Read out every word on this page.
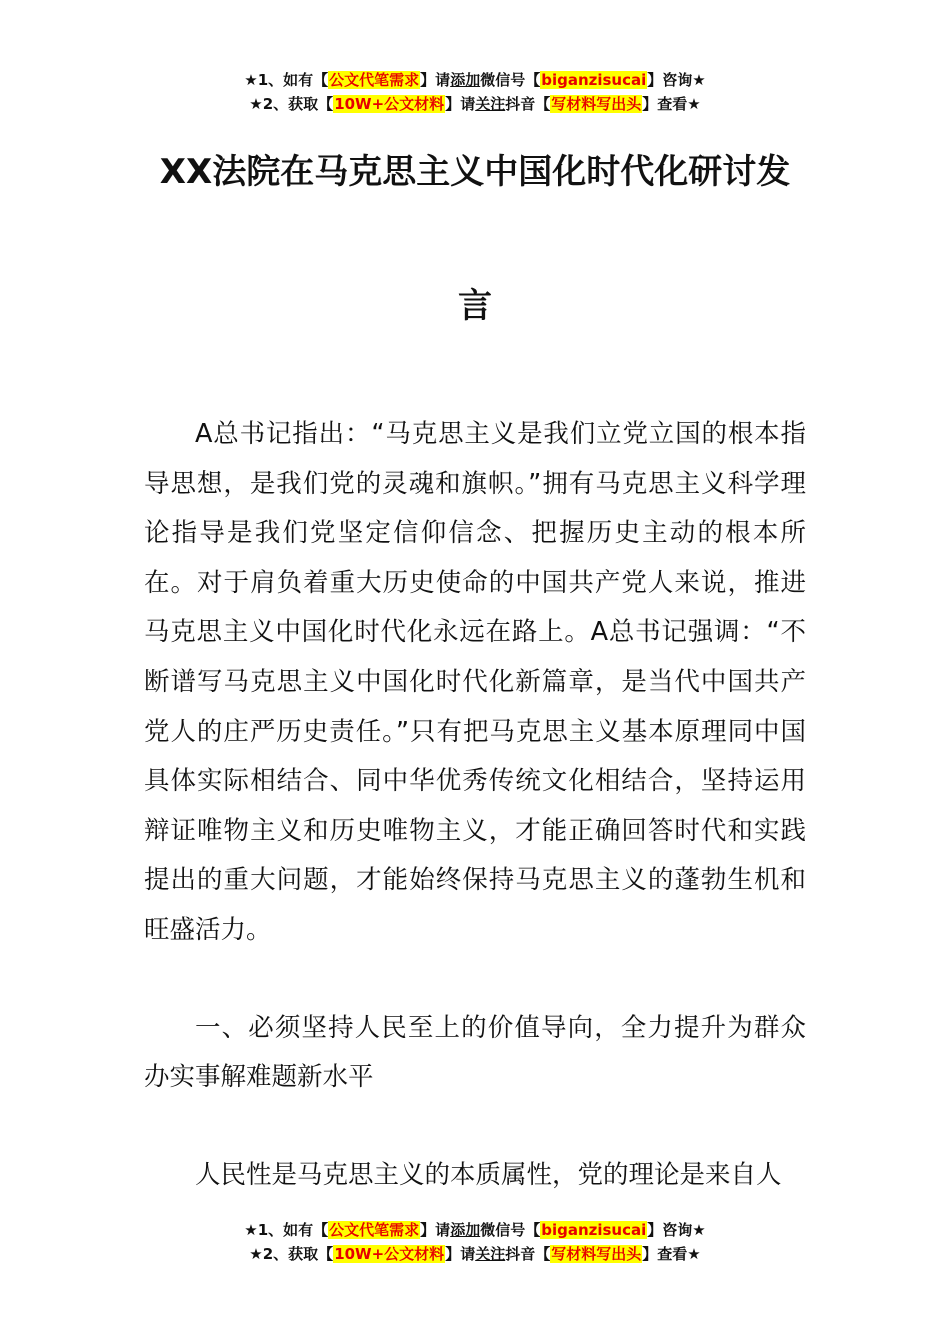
★1、如有【公文代笔需求】请添加微信号【biganzisucai】咨询★
★2、获取【10W+公文材料】请关注抖音【写材料写出头】查看★
XX法院在马克思主义中国化时代化研讨发
言

A总书记指出：“马克思主义是我们立党立国的根本指导思想，是我们党的灵魂和旗帜。”拥有马克思主义科学理论指导是我们党坚定信仰信念、把握历史主动的根本所在。对于肩负着重大历史使命的中国共产党人来说，推进马克思主义中国化时代化永远在路上。A总书记强调：“不断谱写马克思主义中国化时代化新篇章，是当代中国共产党人的庄严历史责任。”只有把马克思主义基本原理同中国具体实际相结合、同中华优秀传统文化相结合，坚持运用辩证唯物主义和历史唯物主义，才能正确回答时代和实践提出的重大问题，才能始终保持马克思主义的蓬勃生机和旺盛活力。

一、必须坚持人民至上的价值导向，全力提升为群众办实事解难题新水平

人民性是马克思主义的本质属性，党的理论是来自人

★1、如有【公文代笔需求】请添加微信号【biganzisucai】咨询★
★2、获取【10W+公文材料】请关注抖音【写材料写出头】查看★
